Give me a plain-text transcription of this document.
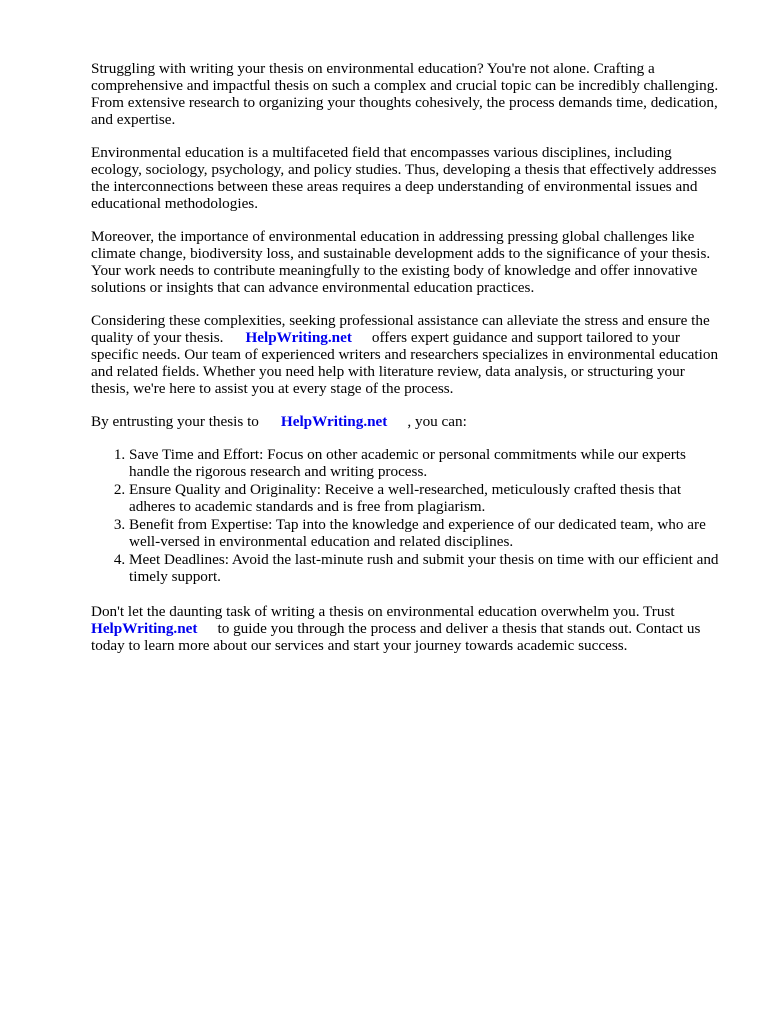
Struggling with writing your thesis on environmental education? You're not alone. Crafting a comprehensive and impactful thesis on such a complex and crucial topic can be incredibly challenging. From extensive research to organizing your thoughts cohesively, the process demands time, dedication, and expertise.

Environmental education is a multifaceted field that encompasses various disciplines, including ecology, sociology, psychology, and policy studies. Thus, developing a thesis that effectively addresses the interconnections between these areas requires a deep understanding of environmental issues and educational methodologies.

Moreover, the importance of environmental education in addressing pressing global challenges like climate change, biodiversity loss, and sustainable development adds to the significance of your thesis. Your work needs to contribute meaningfully to the existing body of knowledge and offer innovative solutions or insights that can advance environmental education practices.

Considering these complexities, seeking professional assistance can alleviate the stress and ensure the quality of your thesis. HelpWriting.net offers expert guidance and support tailored to your specific needs. Our team of experienced writers and researchers specializes in environmental education and related fields. Whether you need help with literature review, data analysis, or structuring your thesis, we're here to assist you at every stage of the process.

By entrusting your thesis to HelpWriting.net , you can:

1. Save Time and Effort: Focus on other academic or personal commitments while our experts handle the rigorous research and writing process.
2. Ensure Quality and Originality: Receive a well-researched, meticulously crafted thesis that adheres to academic standards and is free from plagiarism.
3. Benefit from Expertise: Tap into the knowledge and experience of our dedicated team, who are well-versed in environmental education and related disciplines.
4. Meet Deadlines: Avoid the last-minute rush and submit your thesis on time with our efficient and timely support.

Don't let the daunting task of writing a thesis on environmental education overwhelm you. Trust HelpWriting.net to guide you through the process and deliver a thesis that stands out. Contact us today to learn more about our services and start your journey towards academic success.
